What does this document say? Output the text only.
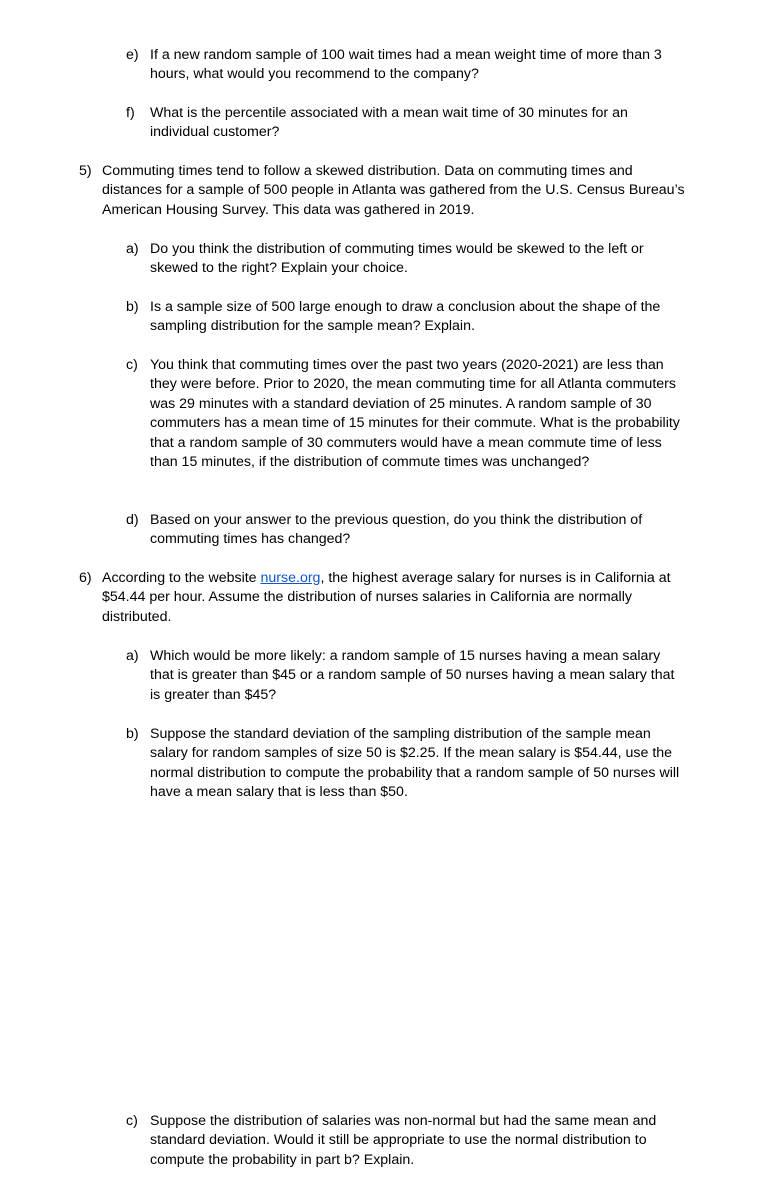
e) If a new random sample of 100 wait times had a mean weight time of more than 3 hours, what would you recommend to the company?
f) What is the percentile associated with a mean wait time of 30 minutes for an individual customer?
5) Commuting times tend to follow a skewed distribution. Data on commuting times and distances for a sample of 500 people in Atlanta was gathered from the U.S. Census Bureau’s American Housing Survey. This data was gathered in 2019.
a) Do you think the distribution of commuting times would be skewed to the left or skewed to the right? Explain your choice.
b) Is a sample size of 500 large enough to draw a conclusion about the shape of the sampling distribution for the sample mean? Explain.
c) You think that commuting times over the past two years (2020-2021) are less than they were before. Prior to 2020, the mean commuting time for all Atlanta commuters was 29 minutes with a standard deviation of 25 minutes. A random sample of 30 commuters has a mean time of 15 minutes for their commute. What is the probability that a random sample of 30 commuters would have a mean commute time of less than 15 minutes, if the distribution of commute times was unchanged?
d) Based on your answer to the previous question, do you think the distribution of commuting times has changed?
6) According to the website nurse.org, the highest average salary for nurses is in California at $54.44 per hour. Assume the distribution of nurses salaries in California are normally distributed.
a) Which would be more likely: a random sample of 15 nurses having a mean salary that is greater than $45 or a random sample of 50 nurses having a mean salary that is greater than $45?
b) Suppose the standard deviation of the sampling distribution of the sample mean salary for random samples of size 50 is $2.25. If the mean salary is $54.44, use the normal distribution to compute the probability that a random sample of 50 nurses will have a mean salary that is less than $50.
c) Suppose the distribution of salaries was non-normal but had the same mean and standard deviation. Would it still be appropriate to use the normal distribution to compute the probability in part b? Explain.
